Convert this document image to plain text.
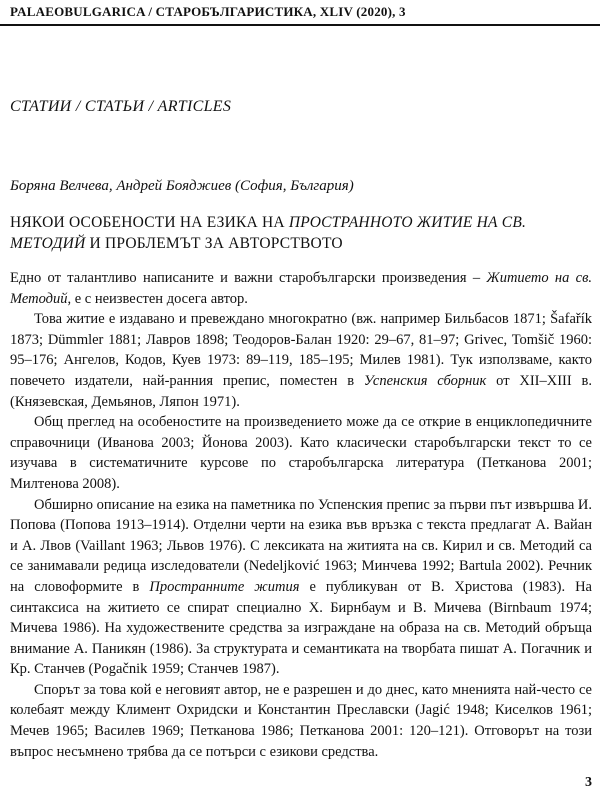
PALAEOBULGARICA / СТАРОБЪЛГАРИСТИКА, XLIV (2020), 3
СТАТИИ / СТАТЬИ / ARTICLES
Боряна Велчева, Андрей Бояджиев (София, България)
НЯКОИ ОСОБЕНОСТИ НА ЕЗИКА НА ПРОСТРАННОТО ЖИТИЕ НА СВ. МЕТОДИЙ И ПРОБЛЕМЪТ ЗА АВТОРСТВОТО

Едно от талантливо написаните и важни старобългарски произведения – Житието на св. Методий, е с неизвестен досега автор.

Това житие е издавано и превеждано многократно (вж. например Бильбасов 1871; Šafařík 1873; Dümmler 1881; Лавров 1898; Теодоров-Балан 1920: 29–67, 81–97; Grivec, Tomšič 1960: 95–176; Ангелов, Кодов, Куев 1973: 89–119, 185–195; Милев 1981). Тук използваме, както повечето издатели, най-ранния препис, поместен в Успенския сборник от XII–XIII в. (Князевская, Демьянов, Ляпон 1971).

Общ преглед на особеностите на произведението може да се открие в енциклопедичните справочници (Иванова 2003; Йонова 2003). Като класически старобългарски текст то се изучава в систематичните курсове по старобългарска литература (Петканова 2001; Милтенова 2008).

Обширно описание на езика на паметника по Успенския препис за първи път извършва И. Попова (Попова 1913–1914). Отделни черти на езика във връзка с текста предлагат А. Вайан и А. Лвов (Vaillant 1963; Львов 1976). С лексиката на житията на св. Кирил и св. Методий са се занимавали редица изследователи (Nedeljković 1963; Минчева 1992; Bartula 2002). Речник на словоформите в Пространните жития е публикуван от В. Христова (1983). На синтаксиса на житието се спират специално Х. Бирнбаум и В. Мичева (Birnbaum 1974; Мичева 1986). На художествените средства за изграждане на образа на св. Методий обръща внимание А. Паникян (1986). За структурата и семантиката на творбата пишат А. Погачник и Кр. Станчев (Pogačnik 1959; Станчев 1987).

Спорът за това кой е неговият автор, не е разрешен и до днес, като мненията най-често се колебаят между Климент Охридски и Константин Преславски (Jagić 1948; Киселков 1961; Мечев 1965; Василев 1969; Петканова 1986; Петканова 2001: 120–121). Отговорът на този въпрос несъмнено трябва да се потърси с езикови средства.

3
